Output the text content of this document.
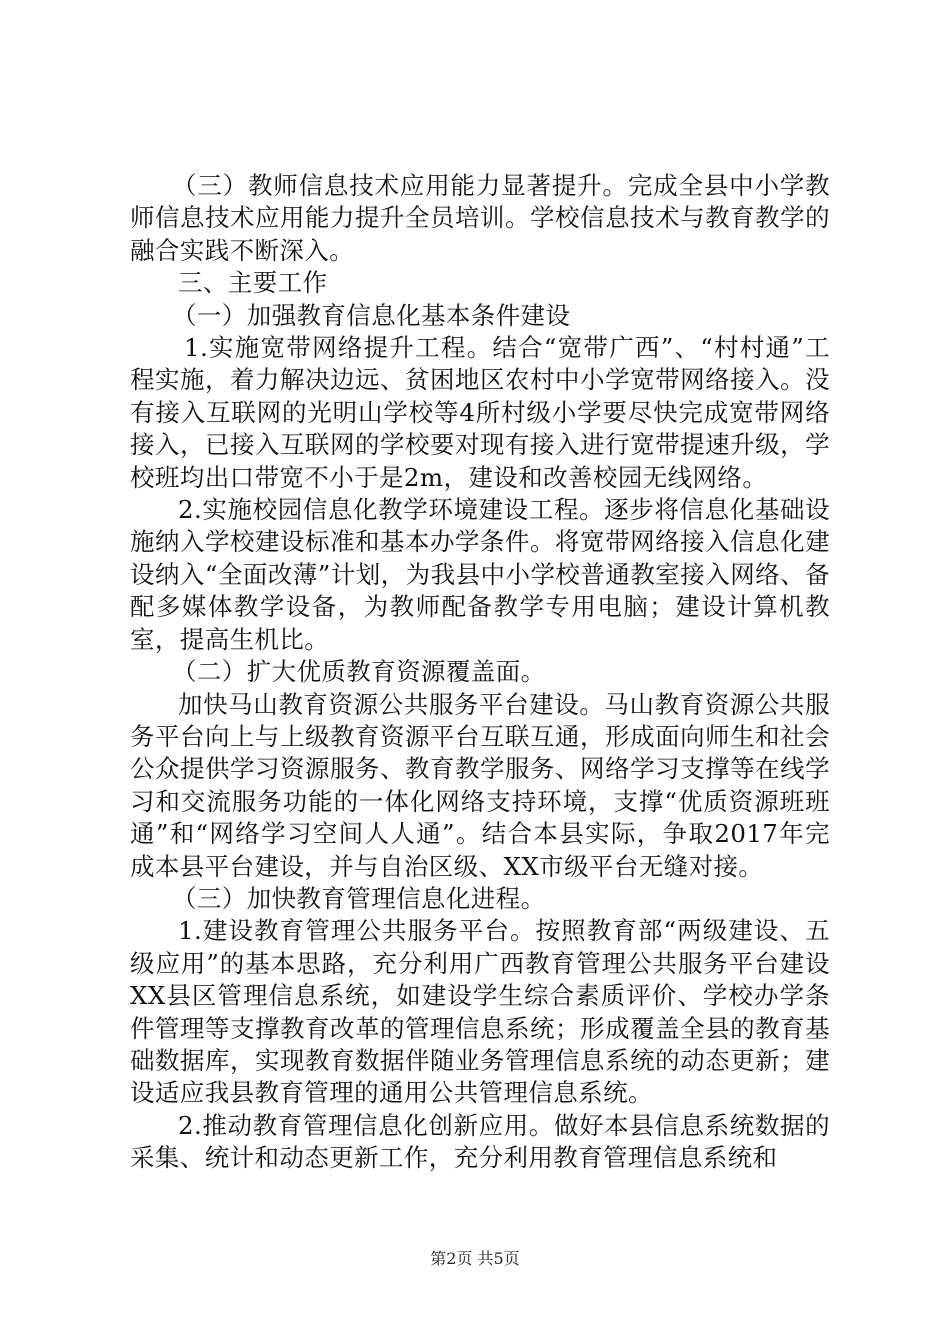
（三）教师信息技术应用能力显著提升。完成全县中小学教师信息技术应用能力提升全员培训。学校信息技术与教育教学的融合实践不断深入。

三、主要工作

（一）加强教育信息化基本条件建设

1.实施宽带网络提升工程。结合“宽带广西”、“村村通”工程实施，着力解决边远、贫困地区农村中小学宽带网络接入。没有接入互联网的光明山学校等4所村级小学要尽快完成宽带网络接入，已接入互联网的学校要对现有接入进行宽带提速升级，学校班均出口带宽不小于是2m，建设和改善校园无线网络。

2.实施校园信息化教学环境建设工程。逐步将信息化基础设施纳入学校建设标准和基本办学条件。将宽带网络接入信息化建设纳入“全面改薄”计划，为我县中小学校普通教室接入网络、备配多媒体教学设备，为教师配备教学专用电脑；建设计算机教室，提高生机比。

（二）扩大优质教育资源覆盖面。

加快马山教育资源公共服务平台建设。马山教育资源公共服务平台向上与上级教育资源平台互联互通，形成面向师生和社会公众提供学习资源服务、教育教学服务、网络学习支撑等在线学习和交流服务功能的一体化网络支持环境，支撑“优质资源班班通”和“网络学习空间人人通”。结合本县实际，争取2017年完成本县平台建设，并与自治区级、XX市级平台无缝对接。

（三）加快教育管理信息化进程。

1.建设教育管理公共服务平台。按照教育部“两级建设、五级应用”的基本思路，充分利用广西教育管理公共服务平台建设XX县区管理信息系统，如建设学生综合素质评价、学校办学条件管理等支撑教育改革的管理信息系统；形成覆盖全县的教育基础数据库，实现教育数据伴随业务管理信息系统的动态更新；建设适应我县教育管理的通用公共管理信息系统。

2.推动教育管理信息化创新应用。做好本县信息系统数据的采集、统计和动态更新工作，充分利用教育管理信息系统和

第2页 共5页
